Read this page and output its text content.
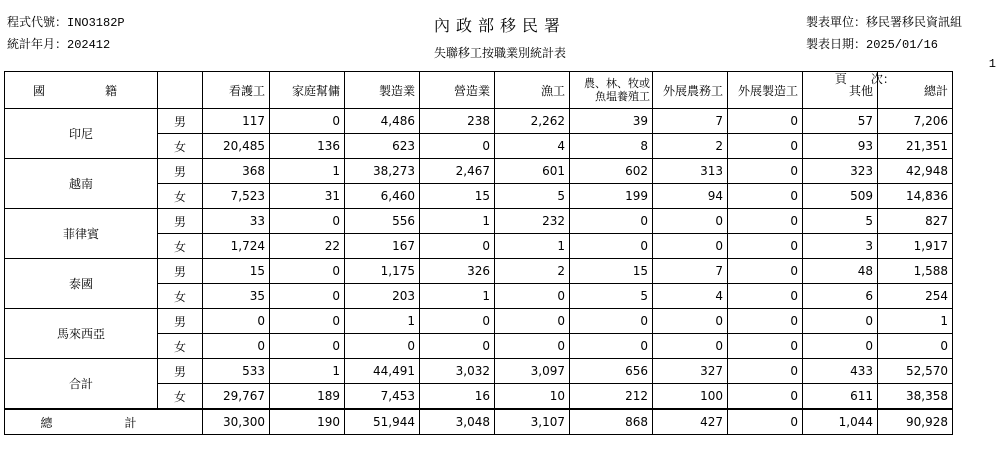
程式代號：INO3182P
統計年月：202412
內政部移民署
失聯移工按職業別統計表
製表單位：移民署移民資訊組
製表日期：2025/01/16

頁　　次：

1

國　　籍		看護工	家庭幫傭	製造業	營造業	漁工	農、林、牧或
魚塭養殖工	外展農務工	外展製造工	其他	總計
印尼	男	117	0	4,486	238	2,262	39	7	0	57	7,206
	女	20,485	136	623	0	4	8	2	0	93	21,351
越南	男	368	1	38,273	2,467	601	602	313	0	323	42,948
	女	7,523	31	6,460	15	5	199	94	0	509	14,836
菲律賓	男	33	0	556	1	232	0	0	0	5	827
	女	1,724	22	167	0	1	0	0	0	3	1,917
泰國	男	15	0	1,175	326	2	15	7	0	48	1,588
	女	35	0	203	1	0	5	4	0	6	254
馬來西亞	男	0	0	1	0	0	0	0	0	0	1
	女	0	0	0	0	0	0	0	0	0	0
合計	男	533	1	44,491	3,032	3,097	656	327	0	433	52,570
	女	29,767	189	7,453	16	10	212	100	0	611	38,358
總　計		30,300	190	51,944	3,048	3,107	868	427	0	1,044	90,928
